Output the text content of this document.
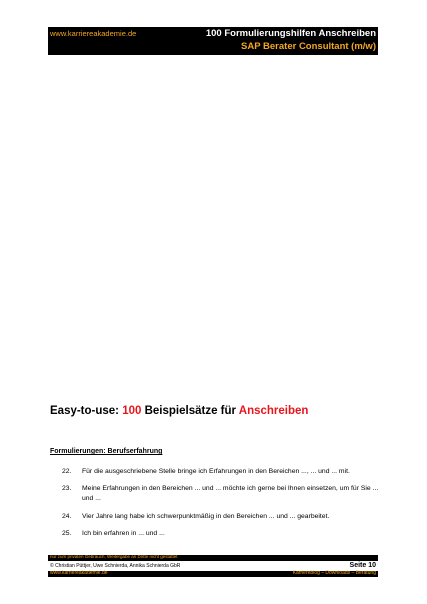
www.karriereakademie.de	100 Formulierungshilfen Anschreiben
SAP Berater Consultant (m/w)
Easy-to-use: 100 Beispielsätze für Anschreiben
Formulierungen: Berufserfahrung
22. Für die ausgeschriebene Stelle bringe ich Erfahrungen in den Bereichen ..., ... und ... mit.
23. Meine Erfahrungen in den Bereichen ... und ... möchte ich gerne bei Ihnen einsetzen, um für Sie ... und ...
24. Vier Jahre lang habe ich schwerpunktmäßig in den Bereichen ... und ... gearbeitet.
25. Ich bin erfahren in ... und ...
nur zum privaten Gebrauch, Weitergabe an Dritte nicht gestattet
© Christian Püttjer, Uwe Schnierda, Annika Schnierda GbR	Seite 10
www.karriereakademie.de	Karriereblog – Downloads – Beratung
